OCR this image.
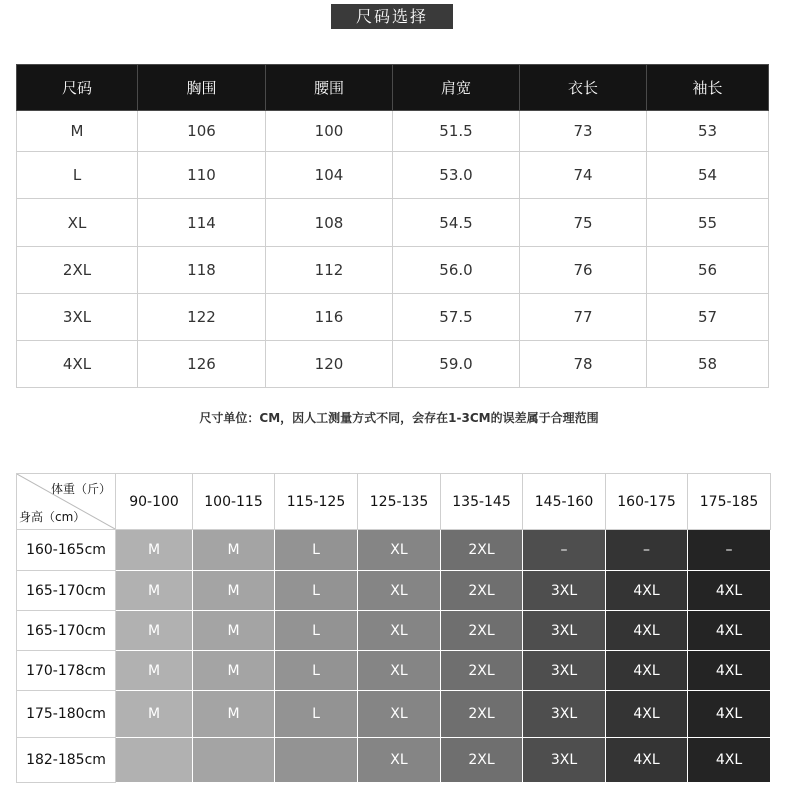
尺码选择
尺码	胸围	腰围	肩宽	衣长	袖长
M	106	100	51.5	73	53
L	110	104	53.0	74	54
XL	114	108	54.5	75	55
2XL	118	112	56.0	76	56
3XL	122	116	57.5	77	57
4XL	126	120	59.0	78	58
尺寸单位：CM，因人工测量方式不同，会存在1-3CM的误差属于合理范围
体重（斤）
身高（cm）	90-100	100-115	115-125	125-135	135-145	145-160	160-175	175-185
160-165cm	M	M	L	XL	2XL	–	–	–
165-170cm	M	M	L	XL	2XL	3XL	4XL	4XL
165-170cm	M	M	L	XL	2XL	3XL	4XL	4XL
170-178cm	M	M	L	XL	2XL	3XL	4XL	4XL
175-180cm	M	M	L	XL	2XL	3XL	4XL	4XL
182-185cm				XL	2XL	3XL	4XL	4XL
